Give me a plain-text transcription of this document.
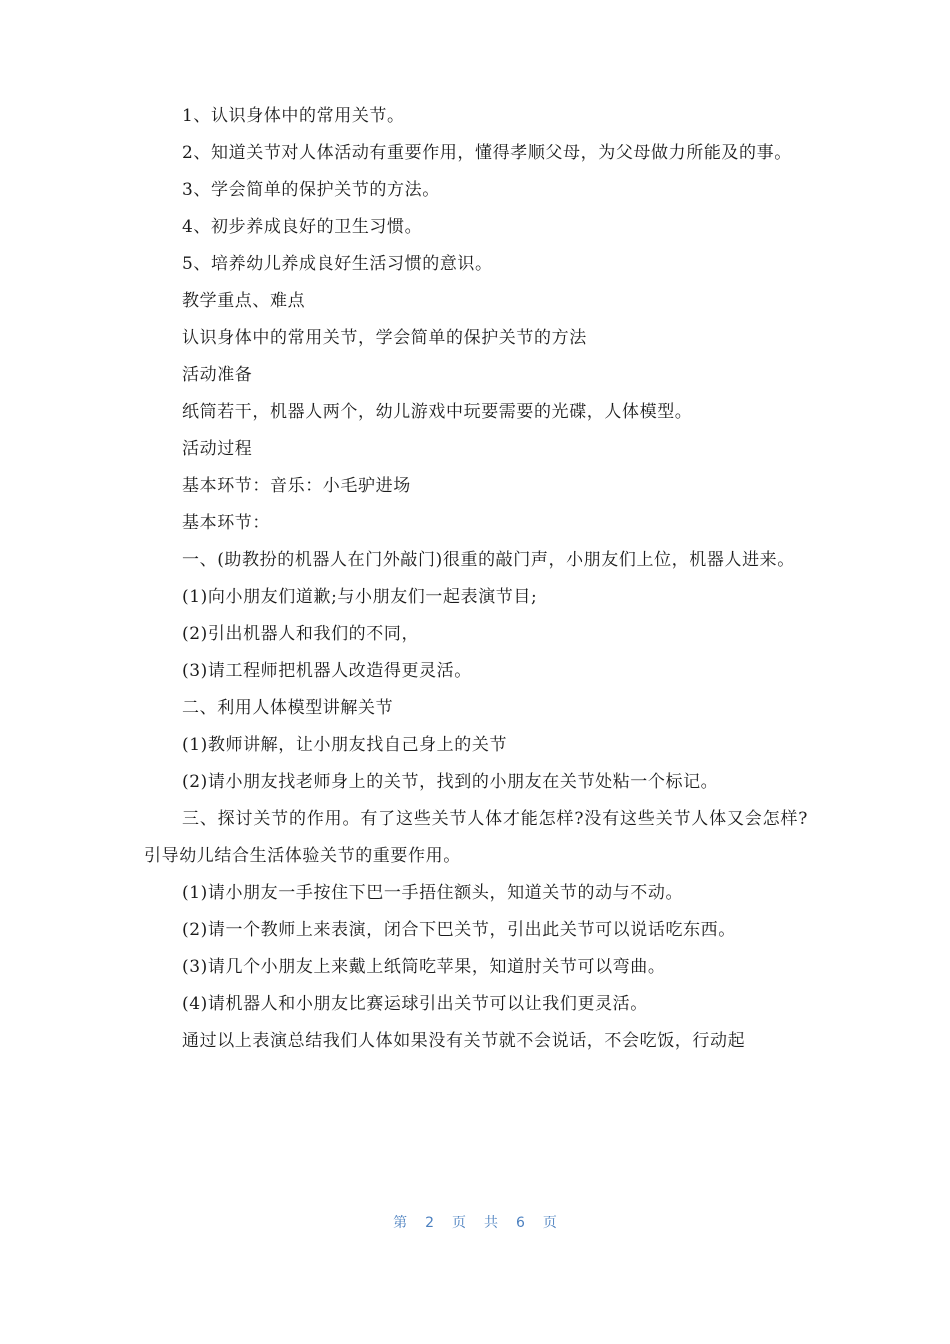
1、认识身体中的常用关节。

2、知道关节对人体活动有重要作用，懂得孝顺父母，为父母做力所能及的事。

3、学会简单的保护关节的方法。

4、初步养成良好的卫生习惯。

5、培养幼儿养成良好生活习惯的意识。

教学重点、难点

认识身体中的常用关节，学会简单的保护关节的方法

活动准备

纸筒若干，机器人两个，幼儿游戏中玩要需要的光碟，人体模型。

活动过程

基本环节：音乐：小毛驴进场

基本环节：

一、(助教扮的机器人在门外敲门)很重的敲门声，小朋友们上位，机器人进来。

(1)向小朋友们道歉;与小朋友们一起表演节目;

(2)引出机器人和我们的不同，

(3)请工程师把机器人改造得更灵活。

二、利用人体模型讲解关节

(1)教师讲解，让小朋友找自己身上的关节

(2)请小朋友找老师身上的关节，找到的小朋友在关节处粘一个标记。

三、探讨关节的作用。有了这些关节人体才能怎样?没有这些关节人体又会怎样?引导幼儿结合生活体验关节的重要作用。

(1)请小朋友一手按住下巴一手捂住额头，知道关节的动与不动。

(2)请一个教师上来表演，闭合下巴关节，引出此关节可以说话吃东西。

(3)请几个小朋友上来戴上纸筒吃苹果，知道肘关节可以弯曲。

(4)请机器人和小朋友比赛运球引出关节可以让我们更灵活。

通过以上表演总结我们人体如果没有关节就不会说话，不会吃饭，行动起

第 2 页 共 6 页
